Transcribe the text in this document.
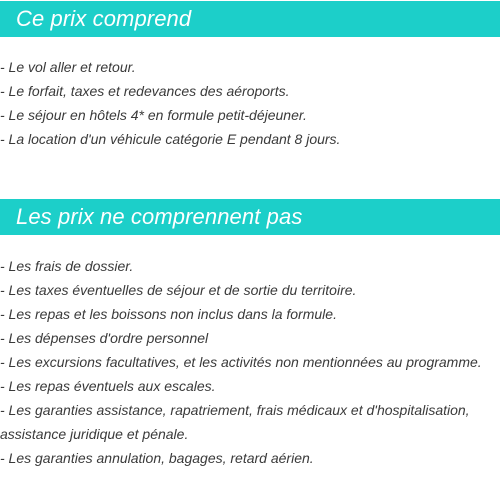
Ce prix comprend
- Le vol aller et retour.
- Le forfait, taxes et redevances des aéroports.
- Le séjour en hôtels 4* en formule petit-déjeuner.
- La location d'un véhicule catégorie E pendant 8 jours.
Les prix ne comprennent pas
- Les frais de dossier.
- Les taxes éventuelles de séjour et de sortie du territoire.
- Les repas et les boissons non inclus dans la formule.
- Les dépenses d'ordre personnel
- Les excursions facultatives, et les activités non mentionnées au programme.
- Les repas éventuels aux escales.
- Les garanties assistance, rapatriement, frais médicaux et d'hospitalisation, assistance juridique et pénale.
- Les garanties annulation, bagages, retard aérien.
